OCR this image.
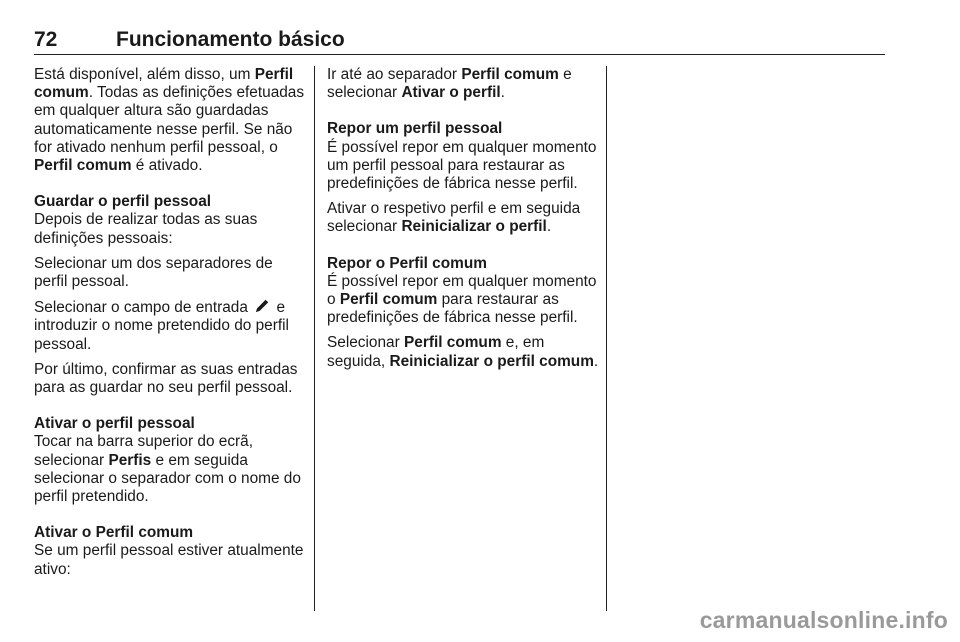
72	Funcionamento básico

Está disponível, além disso, um Perfil comum. Todas as definições efetuadas em qualquer altura são guardadas automaticamente nesse perfil. Se não for ativado nenhum perfil pessoal, o Perfil comum é ativado.

Guardar o perfil pessoal

Depois de realizar todas as suas definições pessoais:

Selecionar um dos separadores de perfil pessoal.

Selecionar o campo de entrada  e introduzir o nome pretendido do perfil pessoal.

Por último, confirmar as suas entradas para as guardar no seu perfil pessoal.

Ativar o perfil pessoal

Tocar na barra superior do ecrã, selecionar Perfis e em seguida selecionar o separador com o nome do perfil pretendido.

Ativar o Perfil comum

Se um perfil pessoal estiver atualmente ativo:

Ir até ao separador Perfil comum e selecionar Ativar o perfil.

Repor um perfil pessoal

É possível repor em qualquer momento um perfil pessoal para restaurar as predefinições de fábrica nesse perfil.

Ativar o respetivo perfil e em seguida selecionar Reinicializar o perfil.

Repor o Perfil comum

É possível repor em qualquer momento o Perfil comum para restaurar as predefinições de fábrica nesse perfil.

Selecionar Perfil comum e, em seguida, Reinicializar o perfil comum.

carmanualsonline.info
